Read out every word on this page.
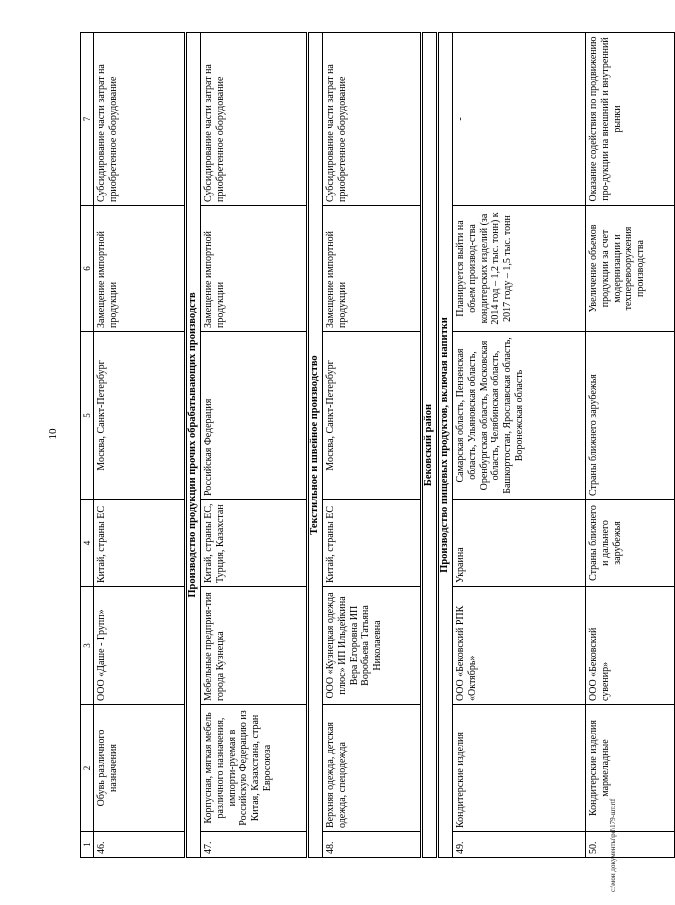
10
c:\мои документы\pd\179-шт.rtf
1	2	3	4	5	6	7
46.	Обувь различного назначения	ООО «Даше - Групп»	Китай, страны ЕС	Москва, Санкт-Петербург	Замещение импортной продукции	Субсидирование части затрат на приобретенное оборудование
Производство продукции прочих обрабатывающих производств						
47.	Корпусная, мягкая мебель различного назначения, импорти-руемая в Российскую Федерацию из Китая, Казахстана, стран Евросоюза	Мебельные предприя-тия города Кузнецка	Китай, страны ЕС, Турция, Казахстан	Российская Федерация	Замещение импортной продукции	Субсидирование части затрат на приобретенное оборудование
Текстильное и швейное производство						
48.	Верхняя одежда, детская одежда, спецодежда	ООО «Кузнецкая одежда плюс» ИП Ильдейкина Вера Егоровна ИП Воробьева Татьяна Николаевна	Китай, страны ЕС	Москва, Санкт-Петербург	Замещение импортной продукции	Субсидирование части затрат на приобретенное оборудование
Бековский район						
Производство пищевых продуктов, включая напитки						
49.	Кондитерские изделия	ООО «Бековский РПК «Октябрь»	Украина	Самарская область, Пензенская область, Ульяновская область, Оренбургская область, Московская область, Челябинская область, Башкортостан, Ярославская область, Воронежская область	Планируется выйти на объем производ-ства кондитерских изделий (за 2014 год – 1,2 тыс. тонн) к 2017 году – 1,5 тыс. тонн	-
50.	Кондитерские изделия мармеладные	ООО «Бековский сувенир»	Страны ближнего и дальнего зарубежья	Страны ближнего зарубежья	Увеличение объемов продукции за счет модернизации и техперевооружения производства	Оказание содействия по продвижению про-дукции на внешний и внутренний рынки
